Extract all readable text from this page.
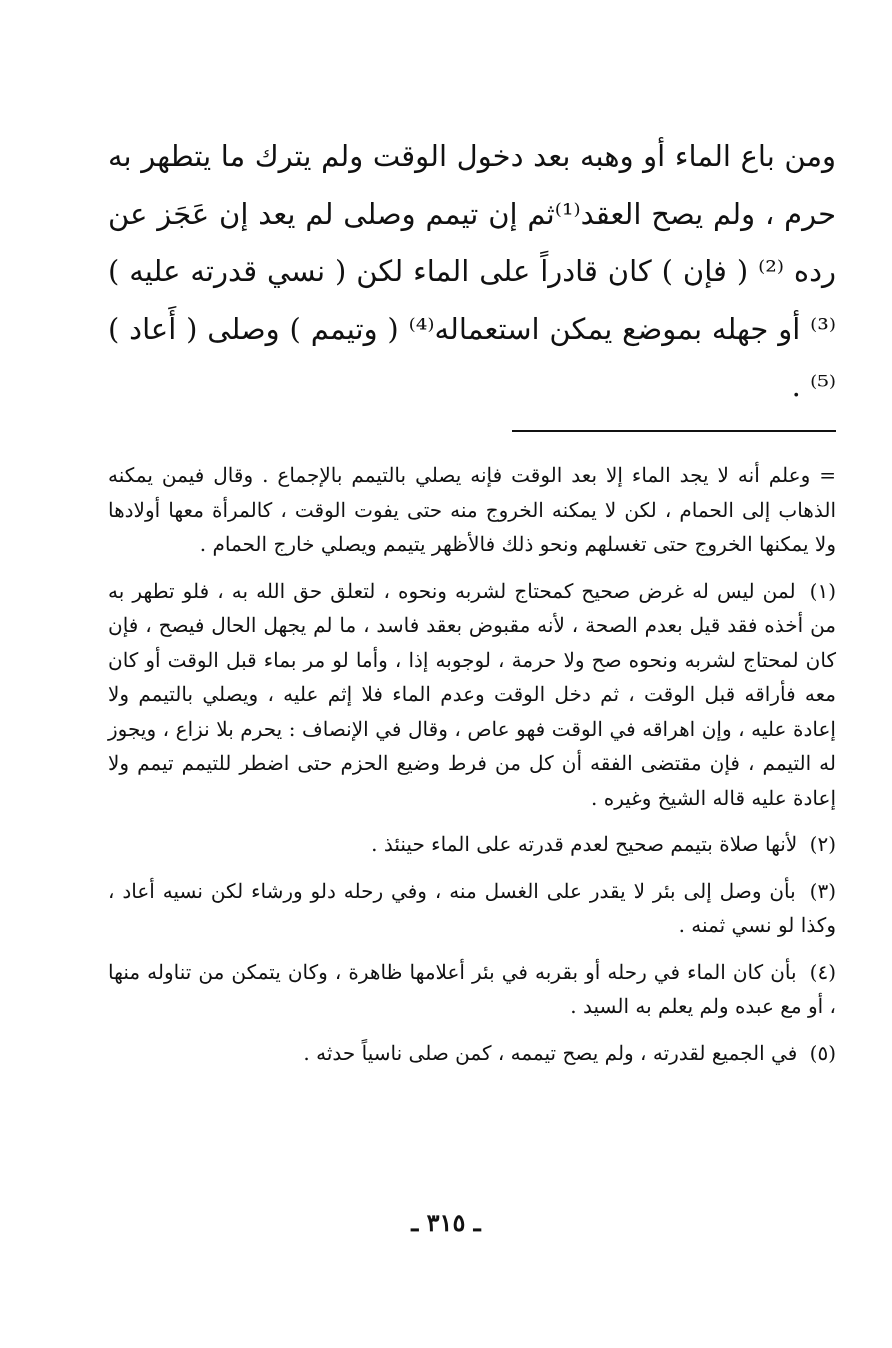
ومن باع الماء أو وهبه بعد دخول الوقت ولم يترك ما يتطهر به حرم ، ولم يصح العقد⁽¹⁾ثم إن تيمم وصلى لم يعد إن عَجَز عن رده ⁽²⁾ ( فإن ) كان قادراً على الماء لكن ( نسي قدرته عليه ) ⁽³⁾ أو جهله بموضع يمكن استعماله⁽⁴⁾ ( وتيمم ) وصلى ( أَعاد )⁽⁵⁾ .

= وعلم أنه لا يجد الماء إلا بعد الوقت فإنه يصلي بالتيمم بالإجماع . وقال فيمن يمكنه الذهاب إلى الحمام ، لكن لا يمكنه الخروج منه حتى يفوت الوقت ، كالمرأة معها أولادها ولا يمكنها الخروج حتى تغسلهم ونحو ذلك فالأظهر يتيمم ويصلي خارج الحمام .

(١) لمن ليس له غرض صحيح كمحتاج لشربه ونحوه ، لتعلق حق الله به ، فلو تطهر به من أخذه فقد قيل بعدم الصحة ، لأنه مقبوض بعقد فاسد ، ما لم يجهل الحال فيصح ، فإن كان لمحتاج لشربه ونحوه صح ولا حرمة ، لوجوبه إذا ، وأما لو مر بماء قبل الوقت أو كان معه فأراقه قبل الوقت ، ثم دخل الوقت وعدم الماء فلا إثم عليه ، ويصلي بالتيمم ولا إعادة عليه ، وإن اهراقه في الوقت فهو عاص ، وقال في الإنصاف : يحرم بلا نزاع ، ويجوز له التيمم ، فإن مقتضى الفقه أن كل من فرط وضيع الحزم حتى اضطر للتيمم تيمم ولا إعادة عليه قاله الشيخ وغيره .

(٢) لأنها صلاة بتيمم صحيح لعدم قدرته على الماء حينئذ .

(٣) بأن وصل إلى بئر لا يقدر على الغسل منه ، وفي رحله دلو ورشاء لكن نسيه أعاد ، وكذا لو نسي ثمنه .

(٤) بأن كان الماء في رحله أو بقربه في بئر أعلامها ظاهرة ، وكان يتمكن من تناوله منها ، أو مع عبده ولم يعلم به السيد .

(٥) في الجميع لقدرته ، ولم يصح تيممه ، كمن صلى ناسياً حدثه .

ـ ٣١٥ ـ
